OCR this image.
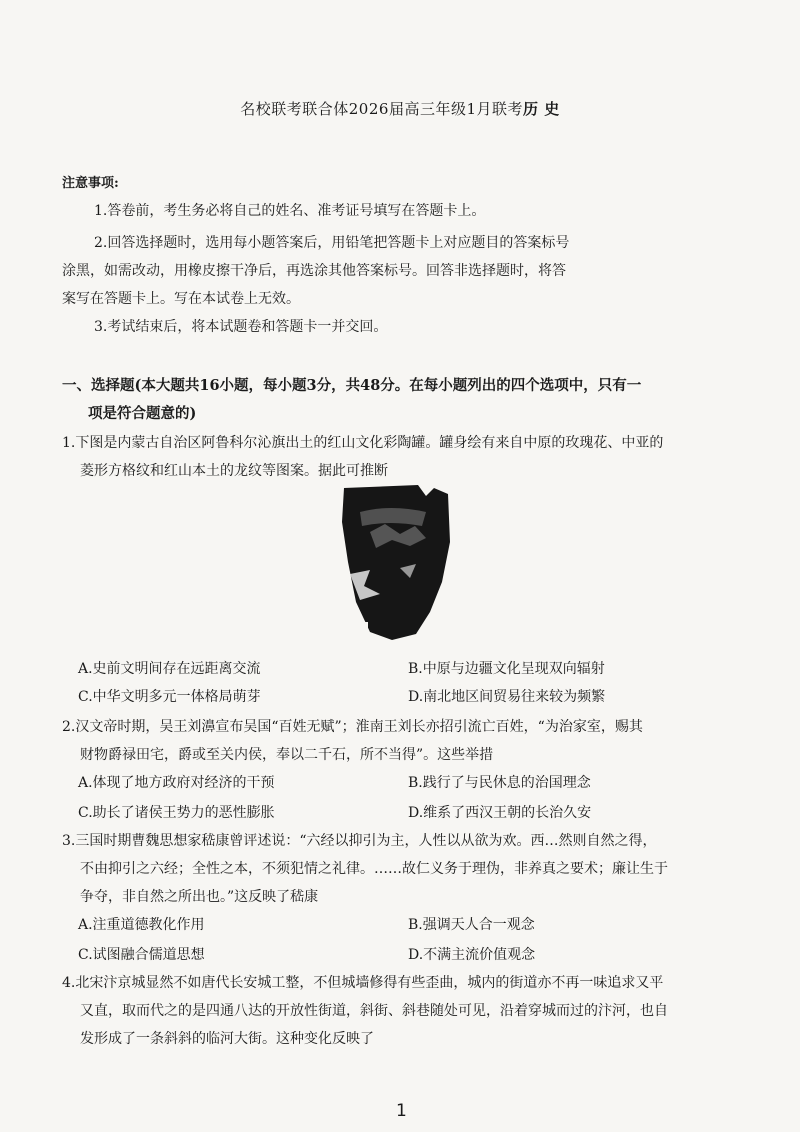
名校联考联合体2026届高三年级1月联考历 史
注意事项:
1.答卷前，考生务必将自己的姓名、准考证号填写在答题卡上。
2.回答选择题时，选用每小题答案后，用铅笔把答题卡上对应题目的答案标号
涂黑，如需改动，用橡皮擦干净后，再选涂其他答案标号。回答非选择题时，将答
案写在答题卡上。写在本试卷上无效。
3.考试结束后，将本试题卷和答题卡一并交回。
一、选择题(本大题共16小题，每小题3分，共48分。在每小题列出的四个选项中，只有一
项是符合题意的)
1.下图是内蒙古自治区阿鲁科尔沁旗出土的红山文化彩陶罐。罐身绘有来自中原的玫瑰花、中亚的
菱形方格纹和红山本土的龙纹等图案。据此可推断
A.史前文明间存在远距离交流	B.中原与边疆文化呈现双向辐射
C.中华文明多元一体格局萌芽	D.南北地区间贸易往来较为频繁
2.汉文帝时期，吴王刘濞宣布吴国“百姓无赋”；淮南王刘长亦招引流亡百姓，“为治家室，赐其
财物爵禄田宅，爵或至关内侯，奉以二千石，所不当得”。这些举措
A.体现了地方政府对经济的干预	B.践行了与民休息的治国理念
C.助长了诸侯王势力的恶性膨胀	D.维系了西汉王朝的长治久安
3.三国时期曹魏思想家嵇康曾评述说：“六经以抑引为主，人性以从欲为欢。西…然则自然之得，
不由抑引之六经；全性之本，不须犯情之礼律。……故仁义务于理伪，非养真之要术；廉让生于
争夺，非自然之所出也。”这反映了嵇康
A.注重道德教化作用	B.强调天人合一观念
C.试图融合儒道思想	D.不满主流价值观念
4.北宋汴京城显然不如唐代长安城工整，不但城墙修得有些歪曲，城内的街道亦不再一味追求又平
又直，取而代之的是四通八达的开放性街道，斜街、斜巷随处可见，沿着穿城而过的汴河，也自
发形成了一条斜斜的临河大街。这种变化反映了
1
